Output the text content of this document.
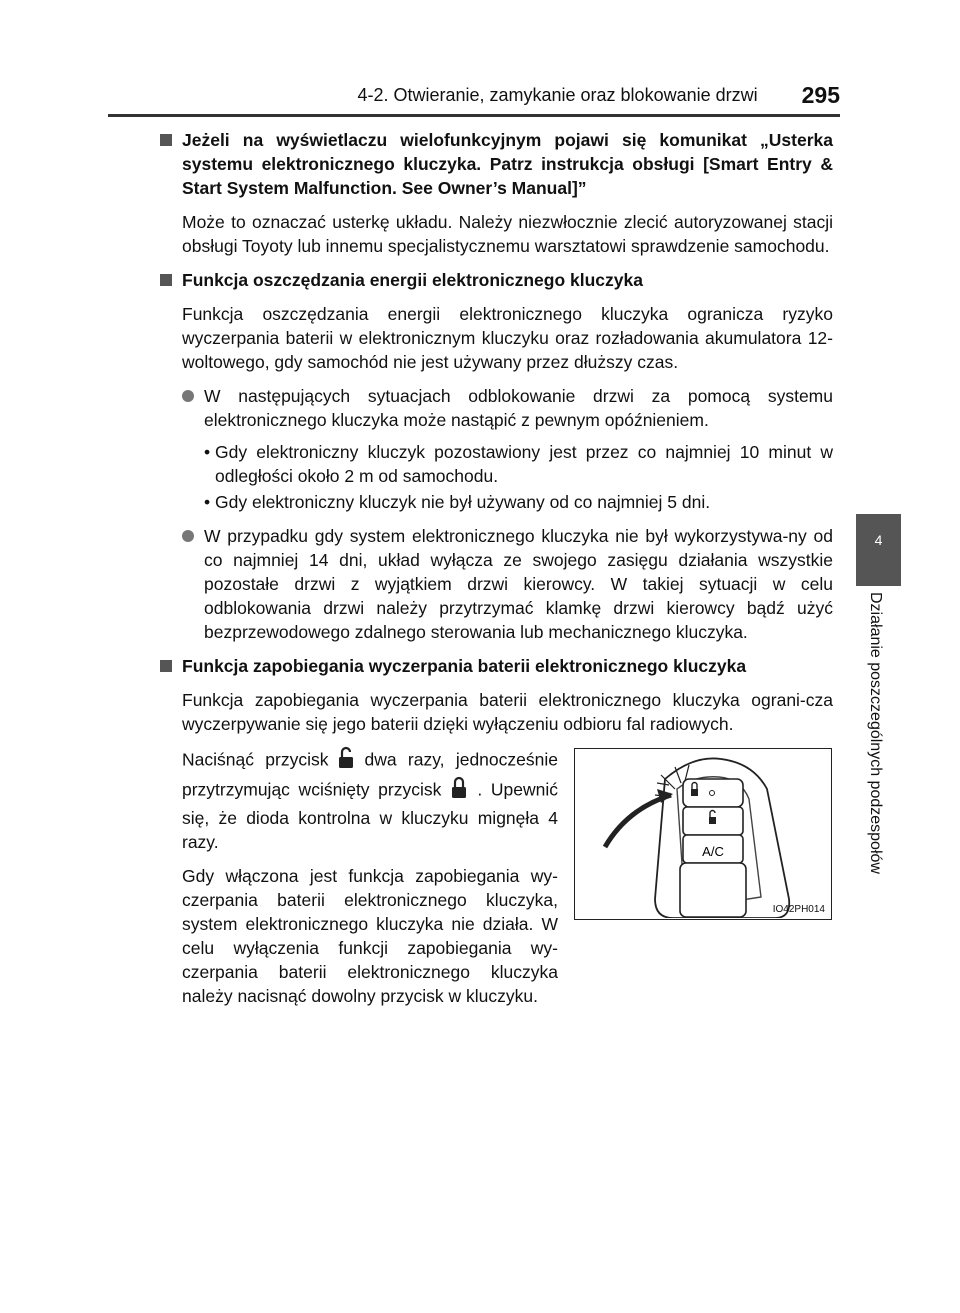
4-2. Otwieranie, zamykanie oraz blokowanie drzwi 295
4
Działanie poszczególnych podzespołów
Jeżeli na wyświetlaczu wielofunkcyjnym pojawi się komunikat „Usterka systemu elektronicznego kluczyka. Patrz instrukcja obsługi [Smart Entry & Start System Malfunction. See Owner’s Manual]”
Może to oznaczać usterkę układu. Należy niezwłocznie zlecić autoryzowanej stacji obsługi Toyoty lub innemu specjalistycznemu warsztatowi sprawdzenie samochodu.
Funkcja oszczędzania energii elektronicznego kluczyka
Funkcja oszczędzania energii elektronicznego kluczyka ogranicza ryzyko wyczerpania baterii w elektronicznym kluczyku oraz rozładowania akumulatora 12-woltowego, gdy samochód nie jest używany przez dłuższy czas.
W następujących sytuacjach odblokowanie drzwi za pomocą systemu elektronicznego kluczyka może nastąpić z pewnym opóźnieniem.
• Gdy elektroniczny kluczyk pozostawiony jest przez co najmniej 10 minut w odległości około 2 m od samochodu.
• Gdy elektroniczny kluczyk nie był używany od co najmniej 5 dni.
W przypadku gdy system elektronicznego kluczyka nie był wykorzystywa-ny od co najmniej 14 dni, układ wyłącza ze swojego zasięgu działania wszystkie pozostałe drzwi z wyjątkiem drzwi kierowcy. W takiej sytuacji w celu odblokowania drzwi należy przytrzymać klamkę drzwi kierowcy bądź użyć bezprzewodowego zdalnego sterowania lub mechanicznego kluczyka.
Funkcja zapobiegania wyczerpania baterii elektronicznego kluczyka
Funkcja zapobiegania wyczerpania baterii elektronicznego kluczyka ograni-cza wyczerpywanie się jego baterii dzięki wyłączeniu odbioru fal radiowych.

Naciśnąć przycisk dwa razy, jednocześnie przytrzymując wciśnięty przycisk . Upewnić się, że dioda kontrolna w kluczyku mignęła 4 razy.

Gdy włączona jest funkcja zapobiegania wy-czerpania baterii elektronicznego kluczyka, system elektronicznego kluczyka nie działa. W celu wyłączenia funkcji zapobiegania wy-czerpania baterii elektronicznego kluczyka należy nacisnąć dowolny przycisk w kluczyku.

A/C
IO42PH014
